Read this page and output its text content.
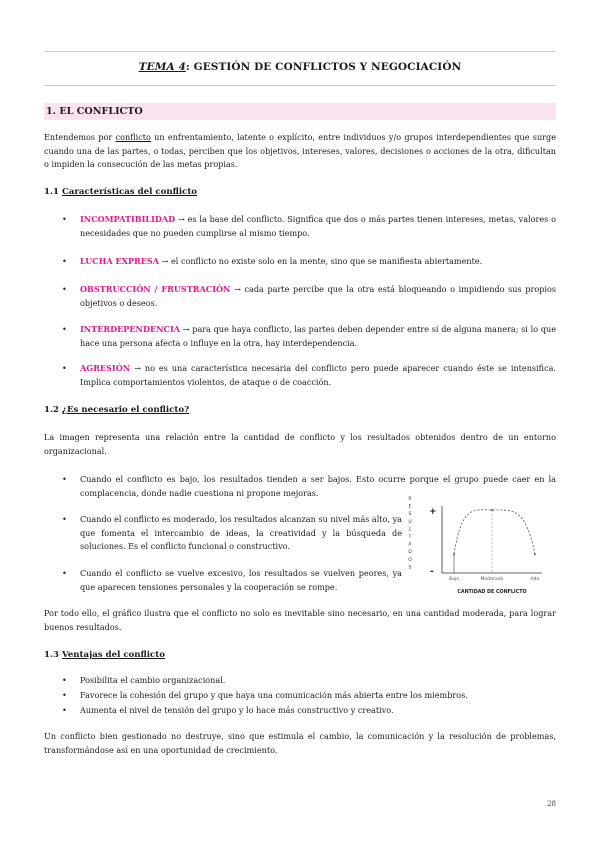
TEMA 4: GESTIÓN DE CONFLICTOS Y NEGOCIACIÓN
1. EL CONFLICTO

Entendemos por conflicto un enfrentamiento, latente o explícito, entre individuos y/o grupos interdependientes que surge cuando una de las partes, o todas, perciben que los objetivos, intereses, valores, decisiones o acciones de la otra, dificultan o impiden la consecución de las metas propias.

1.1 Características del conflicto

•	INCOMPATIBILIDAD → es la base del conflicto. Significa que dos o más partes tienen intereses, metas, valores o necesidades que no pueden cumplirse al mismo tiempo.
•	LUCHA EXPRESA → el conflicto no existe solo en la mente, sino que se manifiesta abiertamente.
•	OBSTRUCCIÓN / FRUSTRACIÓN → cada parte percibe que la otra está bloqueando o impidiendo sus propios objetivos o deseos.
•	INTERDEPENDENCIA → para que haya conflicto, las partes deben depender entre sí de alguna manera; si lo que hace una persona afecta o influye en la otra, hay interdependencia.
•	AGRESIÓN → no es una característica necesaria del conflicto pero puede aparecer cuando éste se intensifica. Implica comportamientos violentos, de ataque o de coacción.

1.2 ¿Es necesario el conflicto?

La imagen representa una relación entre la cantidad de conflicto y los resultados obtenidos dentro de un entorno organizacional.

•	Cuando el conflicto es bajo, los resultados tienden a ser bajos. Esto ocurre porque el grupo puede caer en la complacencia, donde nadie cuestiona ni propone mejoras.
•	Cuando el conflicto es moderado, los resultados alcanzan su nivel más alto, ya que fomenta el intercambio de ideas, la creatividad y la búsqueda de soluciones. Es el conflicto funcional o constructivo.
•	Cuando el conflicto se vuelve excesivo, los resultados se vuelven peores, ya que aparecen tensiones personales y la cooperación se rompe.
R
E
S
U
L
T
A
D
O
S
+
-
Bajo	Moderado	Alto
CANTIDAD DE CONFLICTO

Por todo ello, el gráfico ilustra que el conflicto no solo es inevitable sino necesario, en una cantidad moderada, para lograr buenos resultados.

1.3 Ventajas del conflicto

• Posibilita el cambio organizacional.
• Favorece la cohesión del grupo y que haya una comunicación más abierta entre los miembros.
• Aumenta el nivel de tensión del grupo y lo hace más constructivo y creativo.

Un conflicto bien gestionado no destruye, sino que estimula el cambio, la comunicación y la resolución de problemas, transformándose así en una oportunidad de crecimiento.

28
